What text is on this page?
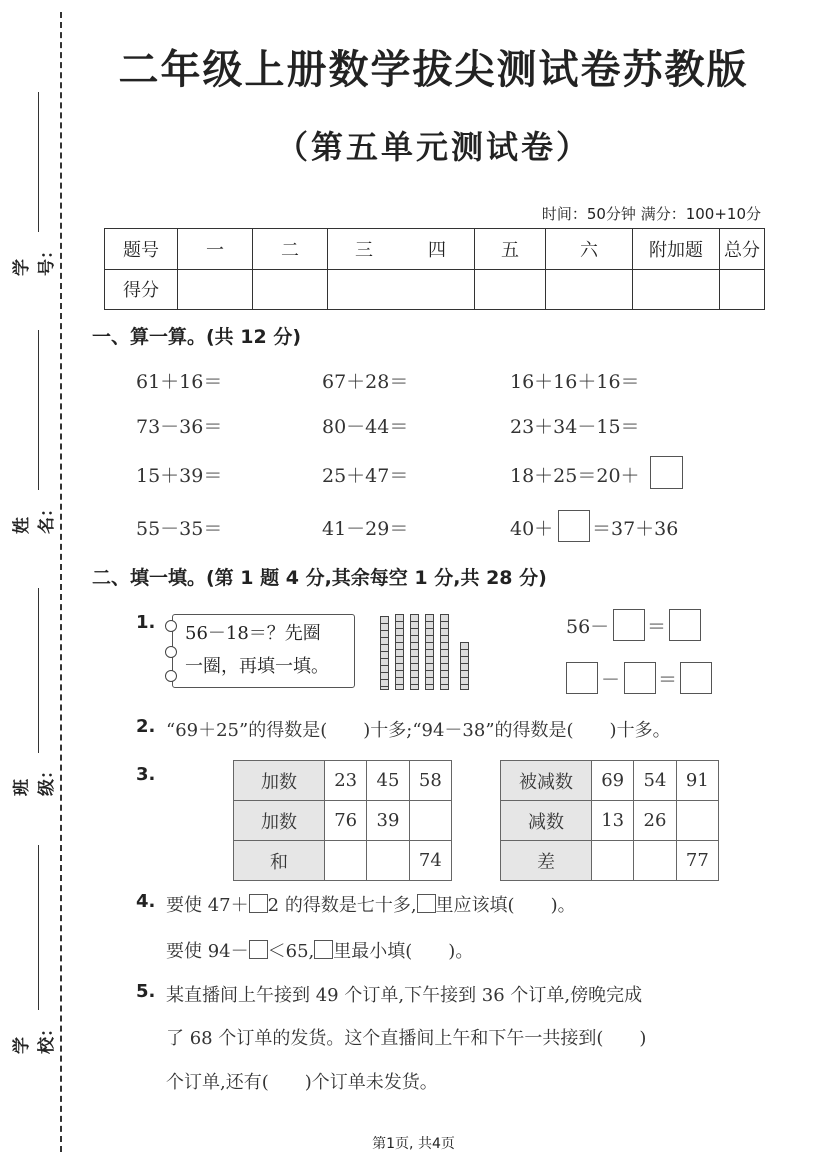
学号：
姓名：
班级：
学校：
二年级上册数学拔尖测试卷苏教版
（第五单元测试卷）
时间：50分钟 满分：100+10分
题号	一	二	三	四	五	六	附加题	总分
得分								
一、算一算。(共 12 分)
61＋16＝	67＋28＝	16＋16＋16＝
73－36＝	80－44＝	23＋34－15＝
15＋39＝	25＋47＝	18＋25＝20＋
55－35＝	41－29＝	40＋ ＝37＋36
二、填一填。(第 1 题 4 分,其余每空 1 分,共 28 分)
1.
56－18＝？先圈
一圈，再填一填。
56－ ＝
－ ＝
2. “69＋25”的得数是(　　)十多;“94－38”的得数是(　　)十多。
3.	加数	23	45	58
加数	76	39	
和			74
被减数	69	54	91
减数	13	26	
差			77
4. 要使 47＋ 2 的得数是七十多, 里应该填(　　)。
要使 94－ ＜65, 里最小填(　　)。
5. 某直播间上午接到 49 个订单,下午接到 36 个订单,傍晚完成
了 68 个订单的发货。这个直播间上午和下午一共接到(　　)
个订单,还有(　　)个订单未发货。
第1页, 共4页
